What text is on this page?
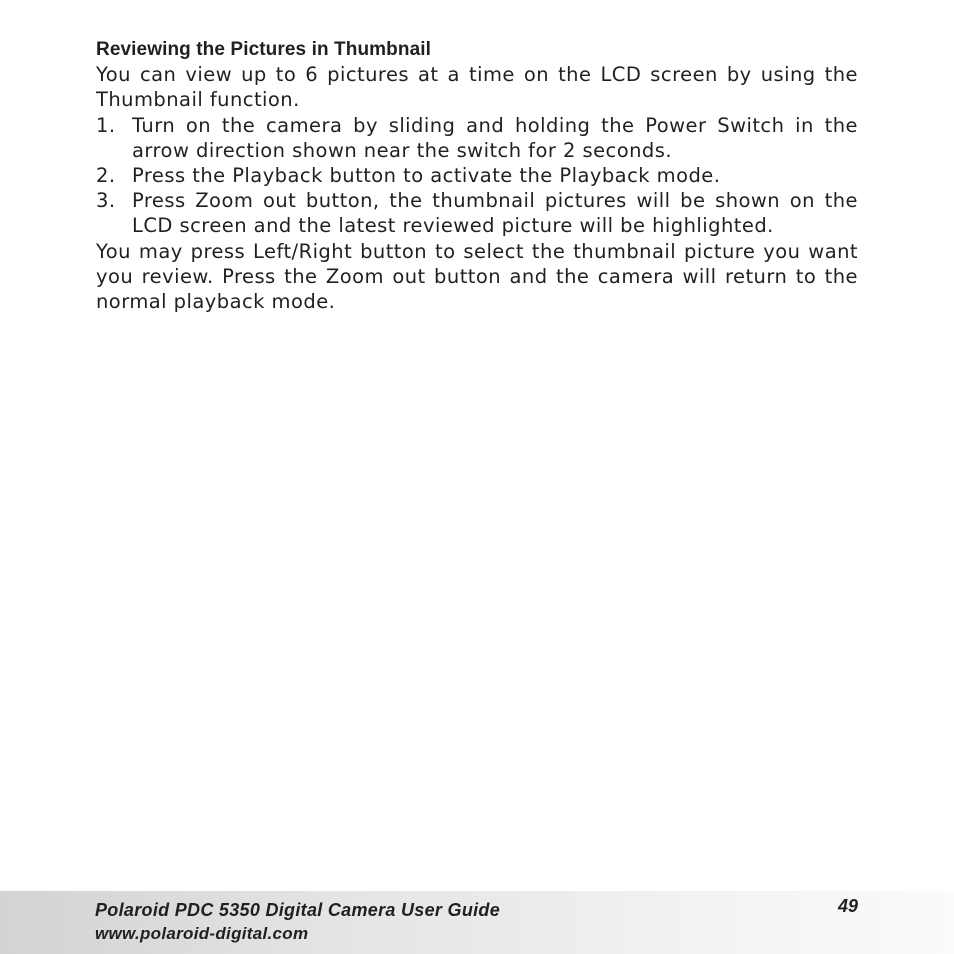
Reviewing the Pictures in Thumbnail

You can view up to 6 pictures at a time on the LCD screen by using the Thumbnail function.

1. Turn on the camera by sliding and holding the Power Switch in the arrow direction shown near the switch for 2 seconds.
2. Press the Playback button to activate the Playback mode.
3. Press Zoom out button, the thumbnail pictures will be shown on the LCD screen and the latest reviewed picture will be highlighted.

You may press Left/Right button to select the thumbnail picture you want you review. Press the Zoom out button and the camera will return to the normal playback mode.

Polaroid PDC 5350 Digital Camera User Guide
www.polaroid-digital.com
49
